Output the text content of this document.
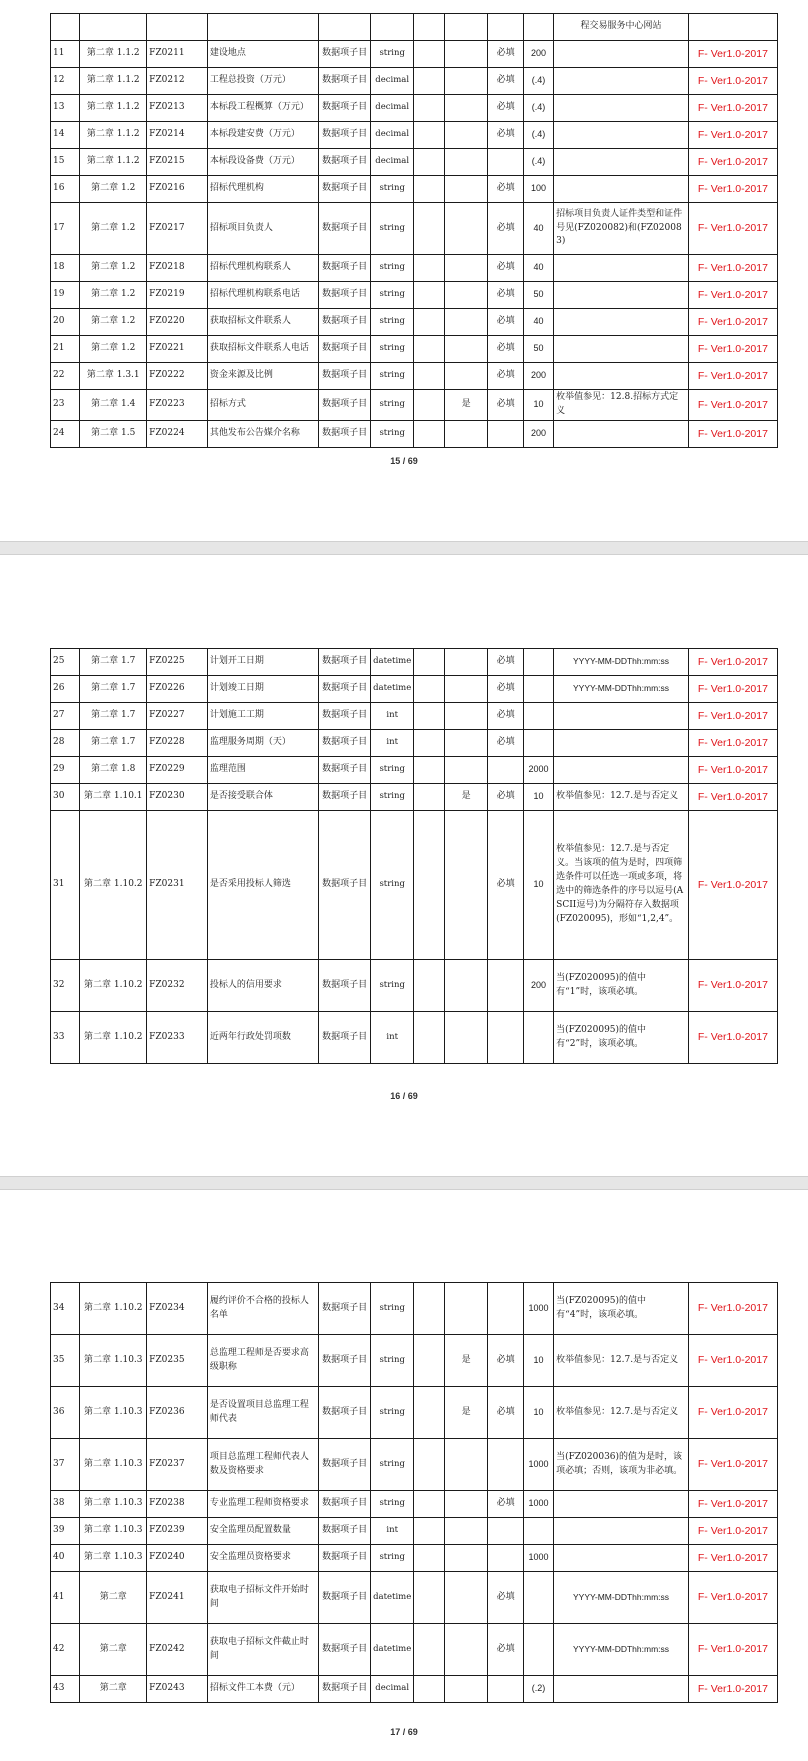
										程交易服务中心网站	
11	第二章 1.1.2	FZ0211	建设地点	数据项子目	string			必填	200		F- Ver1.0-2017
12	第二章 1.1.2	FZ0212	工程总投资（万元）	数据项子目	decimal			必填	(.4)		F- Ver1.0-2017
13	第二章 1.1.2	FZ0213	本标段工程概算（万元）	数据项子目	decimal			必填	(.4)		F- Ver1.0-2017
14	第二章 1.1.2	FZ0214	本标段建安费（万元）	数据项子目	decimal			必填	(.4)		F- Ver1.0-2017
15	第二章 1.1.2	FZ0215	本标段设备费（万元）	数据项子目	decimal				(.4)		F- Ver1.0-2017
16	第二章 1.2	FZ0216	招标代理机构	数据项子目	string			必填	100		F- Ver1.0-2017
17	第二章 1.2	FZ0217	招标项目负责人	数据项子目	string			必填	40	招标项目负责人证件类型和证件号见(FZ020082)和(FZ020083)	F- Ver1.0-2017
18	第二章 1.2	FZ0218	招标代理机构联系人	数据项子目	string			必填	40		F- Ver1.0-2017
19	第二章 1.2	FZ0219	招标代理机构联系电话	数据项子目	string			必填	50		F- Ver1.0-2017
20	第二章 1.2	FZ0220	获取招标文件联系人	数据项子目	string			必填	40		F- Ver1.0-2017
21	第二章 1.2	FZ0221	获取招标文件联系人电话	数据项子目	string			必填	50		F- Ver1.0-2017
22	第二章 1.3.1	FZ0222	资金来源及比例	数据项子目	string			必填	200		F- Ver1.0-2017
23	第二章 1.4	FZ0223	招标方式	数据项子目	string		是	必填	10	枚举值参见：12.8.招标方式定义	F- Ver1.0-2017
24	第二章 1.5	FZ0224	其他发布公告媒介名称	数据项子目	string				200		F- Ver1.0-2017
25	第二章 1.7	FZ0225	计划开工日期	数据项子目	datetime			必填		YYYY-MM-DDThh:mm:ss	F- Ver1.0-2017
26	第二章 1.7	FZ0226	计划竣工日期	数据项子目	datetime			必填		YYYY-MM-DDThh:mm:ss	F- Ver1.0-2017
27	第二章 1.7	FZ0227	计划施工工期	数据项子目	int			必填			F- Ver1.0-2017
28	第二章 1.7	FZ0228	监理服务周期（天）	数据项子目	int			必填			F- Ver1.0-2017
29	第二章 1.8	FZ0229	监理范围	数据项子目	string				2000		F- Ver1.0-2017
30	第二章 1.10.1	FZ0230	是否接受联合体	数据项子目	string		是	必填	10	枚举值参见：12.7.是与否定义	F- Ver1.0-2017
31	第二章 1.10.2	FZ0231	是否采用投标人筛选	数据项子目	string			必填	10	枚举值参见：12.7.是与否定义。当该项的值为是时，四项筛选条件可以任选一项或多项，将选中的筛选条件的序号以逗号(ASCII逗号)为分隔符存入数据项(FZ020095)，形如“1,2,4”。	F- Ver1.0-2017
32	第二章 1.10.2	FZ0232	投标人的信用要求	数据项子目	string				200	当(FZ020095)的值中有“1”时，该项必填。	F- Ver1.0-2017
33	第二章 1.10.2	FZ0233	近两年行政处罚项数	数据项子目	int					当(FZ020095)的值中有“2”时，该项必填。	F- Ver1.0-2017
34	第二章 1.10.2	FZ0234	履约评价不合格的投标人名单	数据项子目	string				1000	当(FZ020095)的值中有“4”时，该项必填。	F- Ver1.0-2017
35	第二章 1.10.3	FZ0235	总监理工程师是否要求高级职称	数据项子目	string		是	必填	10	枚举值参见：12.7.是与否定义	F- Ver1.0-2017
36	第二章 1.10.3	FZ0236	是否设置项目总监理工程师代表	数据项子目	string		是	必填	10	枚举值参见：12.7.是与否定义	F- Ver1.0-2017
37	第二章 1.10.3	FZ0237	项目总监理工程师代表人数及资格要求	数据项子目	string				1000	当(FZ020036)的值为是时，该项必填；否则，该项为非必填。	F- Ver1.0-2017
38	第二章 1.10.3	FZ0238	专业监理工程师资格要求	数据项子目	string			必填	1000		F- Ver1.0-2017
39	第二章 1.10.3	FZ0239	安全监理员配置数量	数据项子目	int						F- Ver1.0-2017
40	第二章 1.10.3	FZ0240	安全监理员资格要求	数据项子目	string				1000		F- Ver1.0-2017
41	第二章	FZ0241	获取电子招标文件开始时间	数据项子目	datetime			必填		YYYY-MM-DDThh:mm:ss	F- Ver1.0-2017
42	第二章	FZ0242	获取电子招标文件截止时间	数据项子目	datetime			必填		YYYY-MM-DDThh:mm:ss	F- Ver1.0-2017
43	第二章	FZ0243	招标文件工本费（元）	数据项子目	decimal				(.2)		F- Ver1.0-2017
15 / 69
16 / 69
17 / 69
